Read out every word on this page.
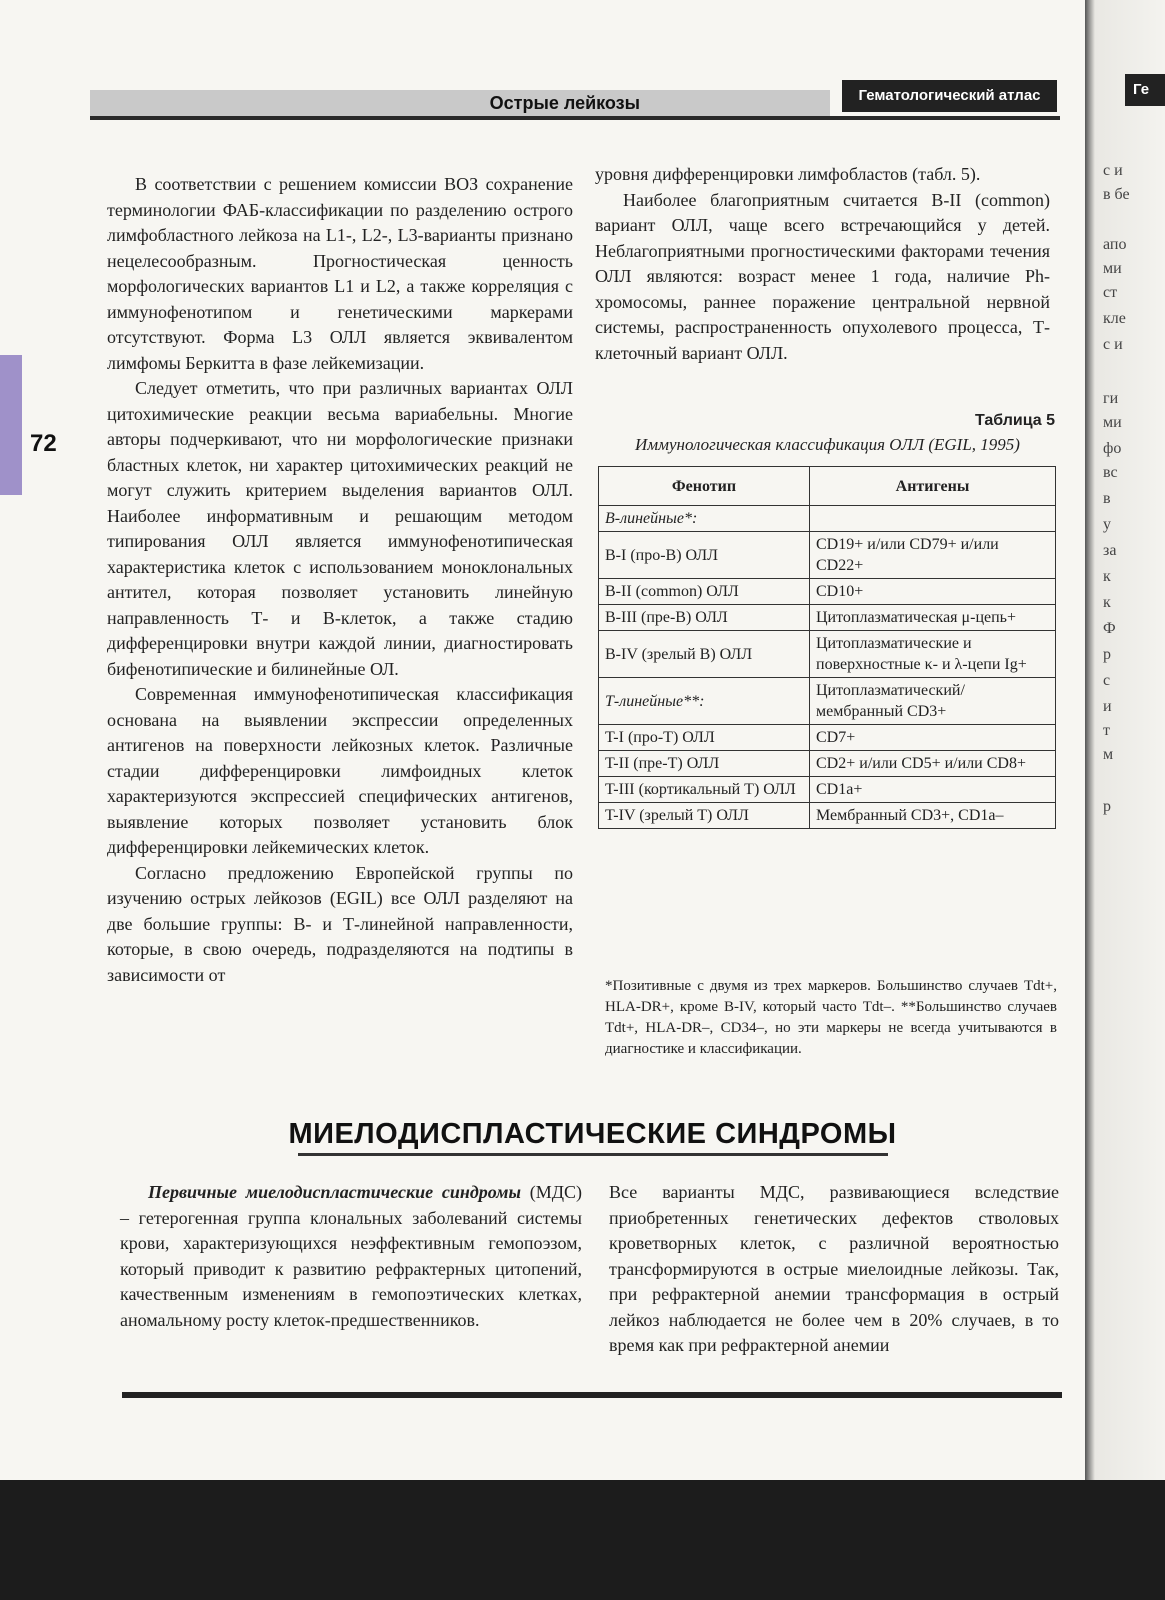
Острые лейкозы	Гематологический атлас
72

В соответствии с решением комиссии ВОЗ сохранение терминологии ФАБ-классификации по разделению острого лимфобластного лейкоза на L1-, L2-, L3-варианты признано нецелесообразным. Прогностическая ценность морфологических вариантов L1 и L2, а также корреляция с иммунофенотипом и генетическими маркерами отсутствуют. Форма L3 ОЛЛ является эквивалентом лимфомы Беркитта в фазе лейкемизации.

Следует отметить, что при различных вариантах ОЛЛ цитохимические реакции весьма вариабельны. Многие авторы подчеркивают, что ни морфологические признаки бластных клеток, ни характер цитохимических реакций не могут служить критерием выделения вариантов ОЛЛ. Наиболее информативным и решающим методом типирования ОЛЛ является иммунофенотипическая характеристика клеток с использованием моноклональных антител, которая позволяет установить линейную направленность Т- и В-клеток, а также стадию дифференцировки внутри каждой линии, диагностировать бифенотипические и билинейные ОЛ.

Современная иммунофенотипическая классификация основана на выявлении экспрессии определенных антигенов на поверхности лейкозных клеток. Различные стадии дифференцировки лимфоидных клеток характеризуются экспрессией специфических антигенов, выявление которых позволяет установить блок дифференцировки лейкемических клеток.

Согласно предложению Европейской группы по изучению острых лейкозов (EGIL) все ОЛЛ разделяют на две большие группы: В- и Т-линейной направленности, которые, в свою очередь, подразделяются на подтипы в зависимости от

уровня дифференцировки лимфобластов (табл. 5).

Наиболее благоприятным считается В-II (common) вариант ОЛЛ, чаще всего встречающийся у детей. Неблагоприятными прогностическими факторами течения ОЛЛ являются: возраст менее 1 года, наличие Ph-хромосомы, раннее поражение центральной нервной системы, распространенность опухолевого процесса, Т-клеточный вариант ОЛЛ.

Таблица 5
Иммунологическая классификация ОЛЛ (EGIL, 1995)
Фенотип	Антигены
В-линейные*:	
B-I (про-В) ОЛЛ	CD19+ и/или CD79+ и/или CD22+
B-II (common) ОЛЛ	CD10+
B-III (пре-В) ОЛЛ	Цитоплазматическая μ-цепь+
B-IV (зрелый В) ОЛЛ	Цитоплазматические и поверхностные κ- и λ-цепи Ig+
Т-линейные**:	Цитоплазматический/ мембранный CD3+
T-I (про-Т) ОЛЛ	CD7+
T-II (пре-Т) ОЛЛ	CD2+ и/или CD5+ и/или CD8+
T-III (кортикальный Т) ОЛЛ	CD1a+
T-IV (зрелый Т) ОЛЛ	Мембранный CD3+, CD1a–
*Позитивные с двумя из трех маркеров. Большинство случаев Tdt+, HLA-DR+, кроме B-IV, который часто Tdt–. **Большинство случаев Tdt+, HLA-DR–, CD34–, но эти маркеры не всегда учитываются в диагностике и классификации.
МИЕЛОДИСПЛАСТИЧЕСКИЕ СИНДРОМЫ

Первичные миелодиспластические синдромы (МДС) – гетерогенная группа клональных заболеваний системы крови, характеризующихся неэффективным гемопоэзом, который приводит к развитию рефрактерных цитопений, качественным изменениям в гемопоэтических клетках, аномальному росту клеток-предшественников.

Все варианты МДС, развивающиеся вследствие приобретенных генетических дефектов стволовых кроветворных клеток, с различной вероятностью трансформируются в острые миелоидные лейкозы. Так, при рефрактерной анемии трансформация в острый лейкоз наблюдается не более чем в 20% случаев, в то время как при рефрактерной анемии

Ге
с и
в бе
апо
ми
ст
кле
с и
ги
ми
фо
вс
в
у
за
к
к
Ф
р
с
и
т
м
р
